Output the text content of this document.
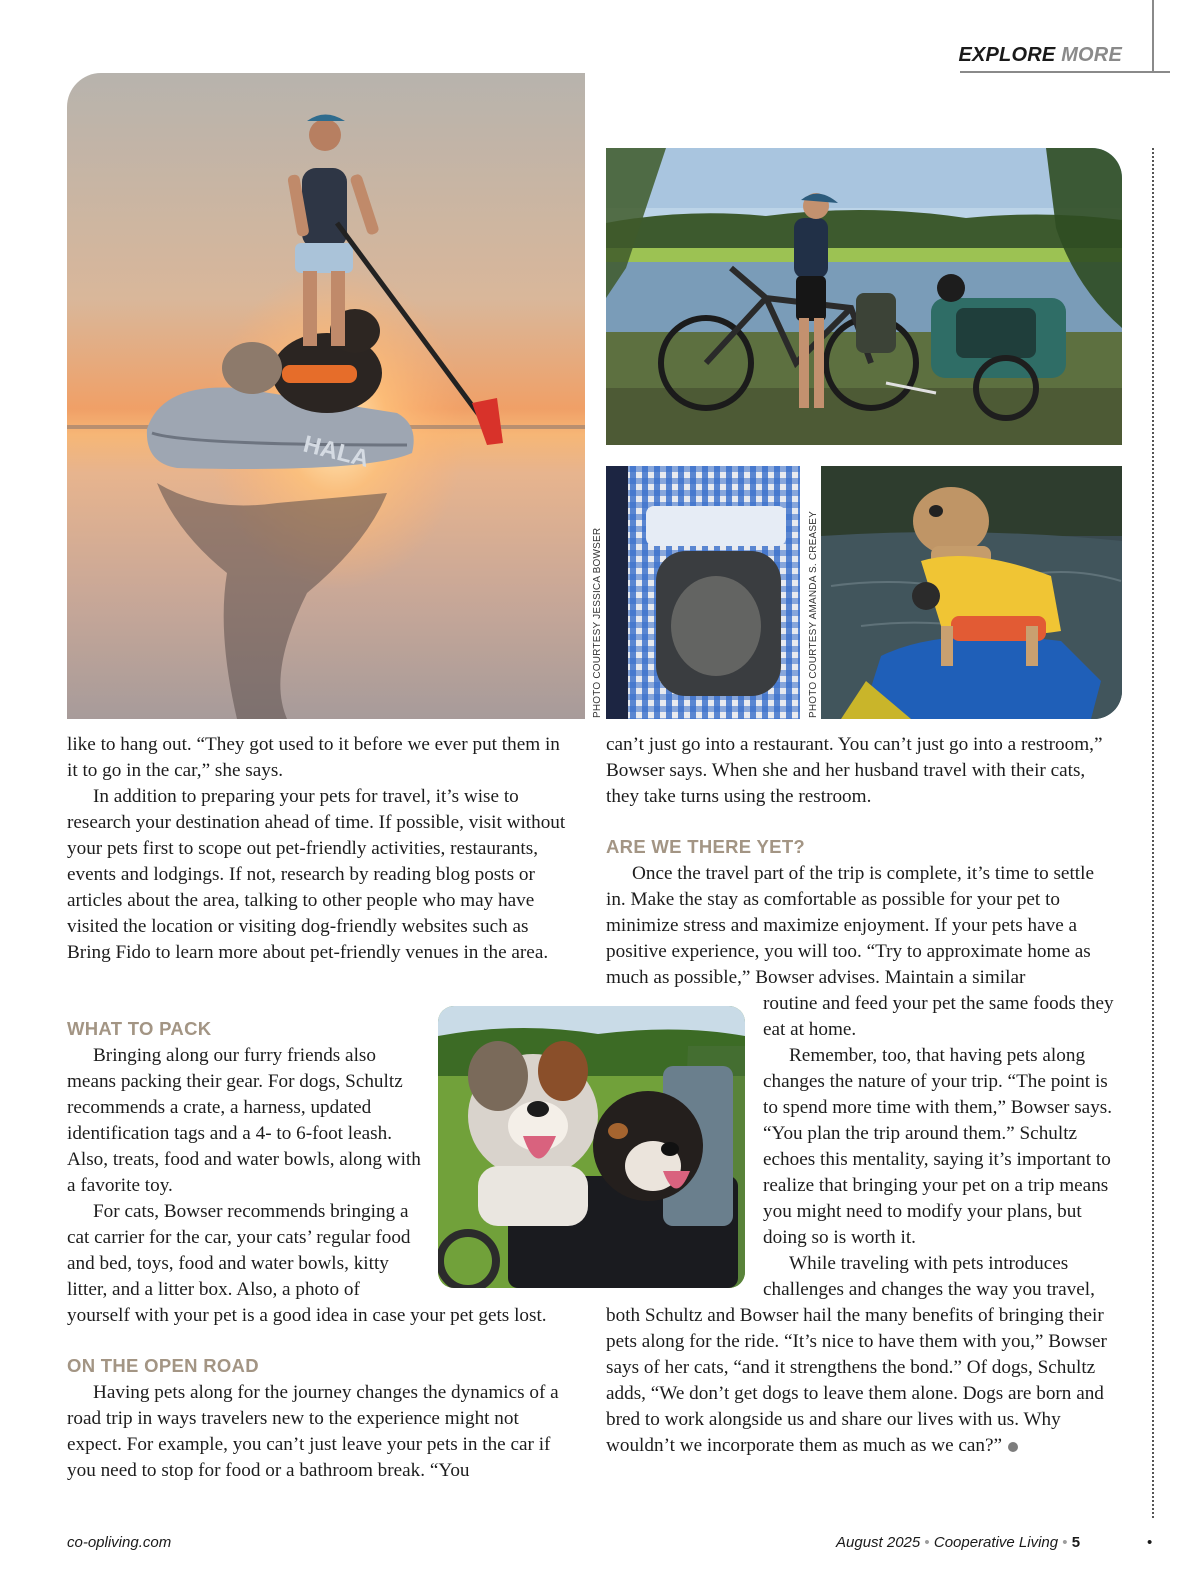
EXPLORE MORE
HALA
PHOTO COURTESY JESSICA BOWSER	PHOTO COURTESY AMANDA S. CREASEY

like to hang out. “They got used to it before we ever put them in it to go in the car,” she says.

In addition to preparing your pets for travel, it’s wise to research your destination ahead of time. If possible, visit without your pets first to scope out pet-friendly activities, restaurants, events and lodgings. If not, research by reading blog posts or articles about the area, talking to other people who may have visited the location or visiting dog-friendly websites such as Bring Fido to learn more about pet-friendly venues in the area.

WHAT TO PACK

Bringing along our furry friends also means packing their gear. For dogs, Schultz recommends a crate, a harness, updated identification tags and a 4- to 6-foot leash. Also, treats, food and water bowls, along with a favorite toy.

For cats, Bowser recommends bringing a cat carrier for the car, your cats’ regular food and bed, toys, food and water bowls, kitty litter, and a litter box. Also, a photo of yourself with your pet is a good idea in case your pet gets lost.

ON THE OPEN ROAD

Having pets along for the journey changes the dynamics of a road trip in ways travelers new to the experience might not expect. For example, you can’t just leave your pets in the car if you need to stop for food or a bathroom break. “You

can’t just go into a restaurant. You can’t just go into a restroom,” Bowser says. When she and her husband travel with their cats, they take turns using the restroom.

ARE WE THERE YET?

Once the travel part of the trip is complete, it’s time to settle in. Make the stay as comfortable as possible for your pet to minimize stress and maximize enjoyment. If your pets have a positive experience, you will too. “Try to approximate home as much as possible,” Bowser advises. Maintain a similar

routine and feed your pet the same foods they eat at home.

Remember, too, that having pets along changes the nature of your trip. “The point is to spend more time with them,” Bowser says. “You plan the trip around them.” Schultz echoes this mentality, saying it’s important to realize that bringing your pet on a trip means you might need to modify your plans, but doing so is worth it.

While traveling with pets introduces challenges and changes the way you travel,

both Schultz and Bowser hail the many benefits of bringing their pets along for the ride. “It’s nice to have them with you,” Bowser says of her cats, “and it strengthens the bond.” Of dogs, Schultz adds, “We don’t get dogs to leave them alone. Dogs are born and bred to work alongside us and share our lives with us. Why wouldn’t we incorporate them as much as we can?”

co-opliving.com	August 2025 • Cooperative Living • 5	•
